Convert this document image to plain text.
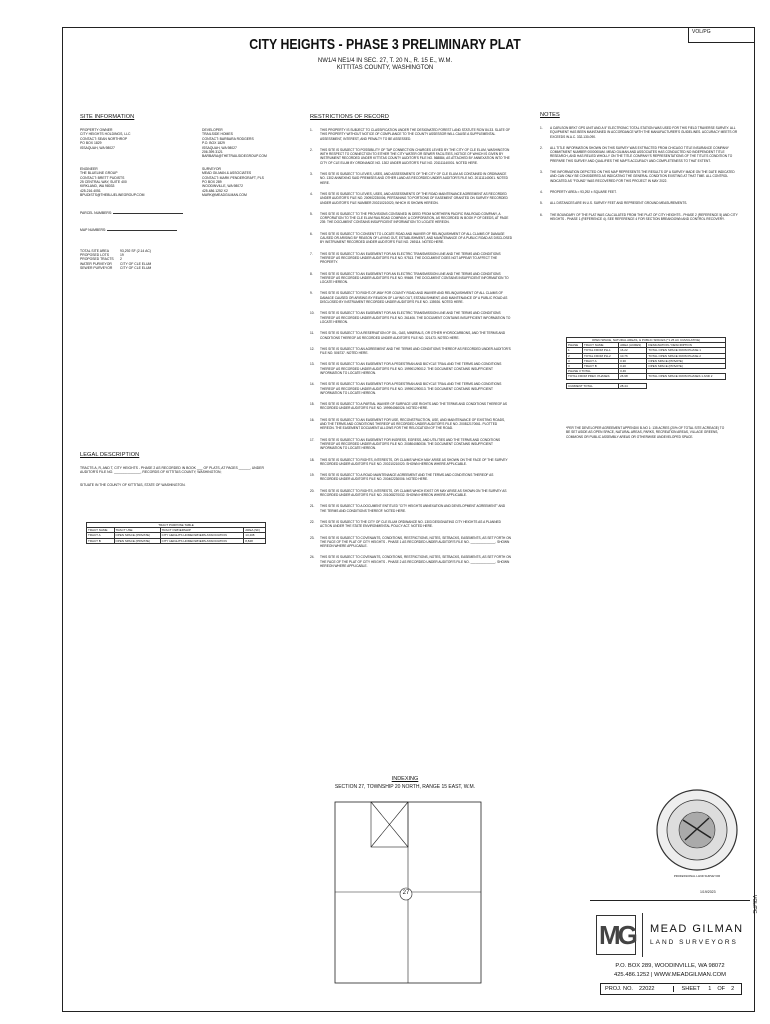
VOL/PG
VOL/PG
CITY HEIGHTS - PHASE 3 PRELIMINARY PLAT
NW1/4 NE1/4 IN SEC. 27, T. 20 N., R. 15 E., W.M.
KITTITAS COUNTY, WASHINGTON
SITE INFORMATION
PROPERTY OWNER
CITY HEIGHTS HOLDINGS, LLC
CONTACT: SEAN NORTHROP
PO BOX 1829
ISSAQUAH, WA 98027
DEVELOPER
TRAILSIDE HOMES
CONTACT: BARBARA RODGERS
P.O. BOX 1829
ISSAQUAH, WA 98027
206.399.3121
BARBARA@THETRAILSIDEGROUP.COM
ENGINEER
THE BLUELINE GROUP
CONTACT: BRETT PUDISTS
25 CENTRAL WAY, SUITE 400
KIRKLAND, WA 98033
425.216.4051
BPUDISTS@THEBLUELINEGROUP.COM
SURVEYOR
MEAD GILMAN & ASSOCIATES
CONTACT: MARK PENDERGRAFT, PLS
PO BOX 289
WOODINVILLE, WA 98072
425.486.1252 X2
MARK@MEADGILMAN.COM
PARCEL NUMBERS:
MAP NUMBERS:
TOTAL SITE AREA	93,292 SF (2.14 AC)
PROPOSED LOTS	19
PROPOSED TRACTS	2
WATER PURVEYOR	CITY OF CLE ELUM
SEWER PURVEYOR	CITY OF CLE ELUM
LEGAL DESCRIPTION
TRACTS A, R, AND T, CITY HEIGHTS - PHASE 2 AS RECORDED IN BOOK ___ OF PLATS, AT PAGES ______, UNDER AUDITOR'S FILE NO. ______________, RECORDS OF KITTITAS COUNTY, WASHINGTON;
SITUATE IN THE COUNTY OF KITTITAS, STATE OF WASHINGTON.
TRACT PURPOSE TABLE			
TRACT NAME	TRACT USE	TRACT OWNERSHIP	AREA (SF)
TRACT A	OPEN SPACE (PRIVATE)	CITY HEIGHTS HOMEOWNERS ASSOCIATION	13,408
TRACT B	OPEN SPACE (PRIVATE)	CITY HEIGHTS HOMEOWNERS ASSOCIATION	8,848
RESTRICTIONS OF RECORD
1.	THIS PROPERTY IS SUBJECT TO CLASSIFICATION UNDER THE DESIGNATED FOREST LAND STATUTE RCW 84.33. SLATE OF THIS PROPERTY WITHOUT NOTICE OF COMPLIANCE TO THE COUNTY ASSESSOR WILL CAUSE A SUPPLEMENTAL ASSESSMENT, INTEREST, AND PENALTY TO BE ASSESSED.
2.	THIS SITE IS SUBJECT TO POSSIBILITY OF TAP CONNECTION CHARGES LEVIED BY THE CITY OF CLE ELUM, WASHINGTON WITH RESPECT TO CONNECTION TO EITHER THE CITY WATER OR SEWER FACILITIES, NOTICE OF WHICH IS GIVEN BY INSTRUMENT RECORDED UNDER KITTITAS COUNTY AUDITOR'S FILE NO. 568884, AS ATTACHED BY ANNEXATION INTO THE CITY OF CLE ELUM BY ORDINANCE NO. 1302 UNDER AUDITOR'S FILE NO. 201111140001. NOTED HERE.
3.	THIS SITE IS SUBJECT TO LEVIES, USES, AND ASSESSMENTS OF THE CITY OF CLE ELUM AS CONTAINED IN ORDINANCE NO. 1302 ANNEXING SAID PREMISES AND OTHER LAND AS RECORDED UNDER AUDITOR'S FILE NO. 201111140001. NOTED HERE.
4.	THIS SITE IS SUBJECT TO LEVIES, USES, AND ASSESSMENTS OF THE ROAD MAINTENANCE AGREEMENT AS RECORDED UNDER AUDITOR'S FILE NO. 200902230006, PERTAINING TO PORTIONS OF EASEMENT GRANTED ON SURVEY RECORDED UNDER AUDITOR'S FILE NUMBER 200210210020, WHICH IS SHOWN HEREON.
5.	THIS SITE IS SUBJECT TO THE PROVISIONS CONTAINED IN DEED FROM NORTHERN PACIFIC RAILROAD COMPANY, A CORPORATION TO THE CLE ELUM RAILROAD COMPANY, A CORPORATION, AS RECORDED IN BOOK P OF DEEDS, AT PAGE 239. THE DOCUMENT CONTAINS INSUFFICIENT INFORMATION TO LOCATE HEREON.
6.	THIS SITE IS SUBJECT TO CONSENT TO LOCATE ROAD AND WAIVER OF RELINQUISHMENT OF ALL CLAIMS OF DAMAGE CAUSED OR ARISING BY REASON OF LAYING OUT, ESTABLISHMENT, AND MAINTENANCE OF A PUBLIC ROAD AS DISCLOSED BY INSTRUMENT RECORDED UNDER AUDITOR'S FILE NO. 269114. NOTED HERE.
7.	THIS SITE IS SUBJECT TO AN EASEMENT FOR AN ELECTRIC TRANSMISSION LINE AND THE TERMS AND CONDITIONS THEREOF AS RECORDED UNDER AUDITOR'S FILE NO. 97513. THE DOCUMENT DOES NOT APPEAR TO AFFECT THE PROPERTY.
8.	THIS SITE IS SUBJECT TO AN EASEMENT FOR AN ELECTRIC TRANSMISSION LINE AND THE TERMS AND CONDITIONS THEREOF AS RECORDED UNDER AUDITOR'S FILE NO. 99669. THE DOCUMENT CONTAINS INSUFFICIENT INFORMATION TO LOCATE HEREON.
9.	THIS SITE IS SUBJECT TO RIGHT-OF-WAY FOR COUNTY ROAD AND WAIVER AND RELINQUISHMENT OF ALL CLAIMS OF DAMAGE CAUSED OR ARISING BY REASON OF LAYING OUT, ESTABLISHMENT, AND MAINTENANCE OF A PUBLIC ROAD AS DISCLOSED BY INSTRUMENT RECORDED UNDER AUDITOR'S FILE NO. 135926. NOTED HERE.
10. THIS SITE IS SUBJECT TO AN EASEMENT FOR AN ELECTRIC TRANSMISSION LINE AND THE TERMS AND CONDITIONS THEREOF AS RECORDED UNDER AUDITOR'S FILE NO. 261406. THE DOCUMENT CONTAINS INSUFFICIENT INFORMATION TO LOCATE HEREON.
11. THIS SITE IS SUBJECT TO A RESERVATION OF OIL, GAS, MINERALS, OR OTHER HYDROCARBONS, AND THE TERMS AND CONDITIONS THEREOF AS RECORDED UNDER AUDITOR'S FILE NO. 321473. NOTED HERE.
12. THIS SITE IS SUBJECT TO AN AGREEMENT AND THE TERMS AND CONDITIONS THEREOF AS RECORDED UNDER AUDITOR'S FILE NO. 506737. NOTED HERE.
13. THIS SITE IS SUBJECT TO AN EASEMENT FOR A PEDESTRIAN AND BICYCLE TRAIL AND THE TERMS AND CONDITIONS THEREOF AS RECORDED UNDER AUDITOR'S FILE NO. 199901290012. THE DOCUMENT CONTAINS INSUFFICIENT INFORMATION TO LOCATE HEREON.
14. THIS SITE IS SUBJECT TO AN EASEMENT FOR A PEDESTRIAN AND BICYCLE TRAIL AND THE TERMS AND CONDITIONS THEREOF AS RECORDED UNDER AUDITOR'S FILE NO. 199901290013. THE DOCUMENT CONTAINS INSUFFICIENT INFORMATION TO LOCATE HEREON.
15. THIS SITE IS SUBJECT TO A PARTIAL WAIVER OF SURFACE USE RIGHTS AND THE TERMS AND CONDITIONS THEREOF AS RECORDED UNDER AUDITOR'S FILE NO. 199904060026. NOTED HERE.
16. THIS SITE IS SUBJECT TO AN EASEMENT FOR USE, RECONSTRUCTION, USE, AND MAINTENANCE OF EXISTING ROADS, AND THE TERMS AND CONDITIONS THEREOF AS RECORDED UNDER AUDITOR'S FILE NO. 200812170061. PLOTTED HEREON. THE EASEMENT DOCUMENT ALLOWS FOR THE RELOCATION OF THE ROAD.
17. THIS SITE IS SUBJECT TO AN EASEMENT FOR INGRESS, EGRESS, AND UTILITIES AND THE TERMS AND CONDITIONS THEREOF AS RECORDED UNDER AUDITOR'S FILE NO. 200804080036. THE DOCUMENT CONTAINS INSUFFICIENT INFORMATION TO LOCATE HEREON.
18. THIS SITE IS SUBJECT TO RIGHTS, INTERESTS, OR CLAIMS WHICH MAY ARISE AS SHOWN ON THE FACE OF THE SURVEY RECORDED UNDER AUDITOR'S FILE NO. 200210210020. SHOWN HEREON WHERE APPLICABLE.
19. THIS SITE IS SUBJECT TO A ROAD MAINTENANCE AGREEMENT AND THE TERMS AND CONDITIONS THEREOF AS RECORDED UNDER AUDITOR'S FILE NO. 200402230006. NOTED HERE.
20. THIS SITE IS SUBJECT TO RIGHTS, INTERESTS, OR CLAIMS WHICH EXIST OR MAY ARISE AS SHOWN ON THE SURVEY AS RECORDED UNDER AUDITOR'S FILE NO. 201008270032. SHOWN HEREON WHERE APPLICABLE.
21. THIS SITE IS SUBJECT TO A DOCUMENT ENTITLED "CITY HEIGHTS ANNEXATION AND DEVELOPMENT AGREEMENT" AND THE TERMS AND CONDITIONS THEREOF. NOTED HERE.
22. THIS SITE IS SUBJECT TO THE CITY OF CLE ELUM ORDINANCE NO. 1303 DESIGNATING CITY HEIGHTS AS A PLANNED ACTION UNDER THE STATE ENVIRONMENTAL POLICY ACT. NOTED HERE.
23. THIS SITE IS SUBJECT TO COVENANTS, CONDITIONS, RESTRICTIONS, NOTES, SETBACKS, EASEMENTS, AS SET FORTH ON THE FACE OF THE PLAT OF CITY HEIGHTS - PHASE 1 AS RECORDED UNDER AUDITOR'S FILE NO. ______________. SHOWN HEREON WHERE APPLICABLE.
24. THIS SITE IS SUBJECT TO COVENANTS, CONDITIONS, RESTRICTIONS, NOTES, SETBACKS, EASEMENTS, AS SET FORTH ON THE FACE OF THE PLAT OF CITY HEIGHTS - PHASE 2 AS RECORDED UNDER AUDITOR'S FILE NO. ______________. SHOWN HEREON WHERE APPLICABLE.
NOTES
1.	A CARLSON BRX7 GPS UNIT AND A 5" ELECTRONIC TOTAL STATION WAS USED FOR THIS FIELD TRAVERSE SURVEY. ALL EQUIPMENT HAS BEEN MAINTAINED IN ACCORDANCE WITH THE MANUFACTURER'S GUIDELINES. ACCURACY MEETS OR EXCEEDS W.A.C. 332-130-090.
2.	ALL TITLE INFORMATION SHOWN ON THIS SURVEY WAS EXTRACTED FROM CHICAGO TITLE INSURANCE COMPANY COMMITMENT NUMBER 0000000AM. MEAD GILMAN AND ASSOCIATES HAS CONDUCTED NO INDEPENDENT TITLE RESEARCH, AND HAS RELIED WHOLLY ON THE TITLE COMPANY'S REPRESENTATIONS OF THE TITLE'S CONDITION TO PREPARE THIS SURVEY AND QUALIFIES THE MAP'S ACCURACY AND COMPLETENESS TO THAT EXTENT.
3.	THE INFORMATION DEPICTED ON THIS MAP REPRESENTS THE RESULTS OF A SURVEY MADE ON THE DATE INDICATED AND CAN ONLY BE CONSIDERED AS INDICATING THE GENERAL CONDITION EXISTING AT THAT TIME. ALL CONTROL INDICATED AS "FOUND" WAS RECOVERED FOR THIS PROJECT IN MAY 2022.
4.	PROPERTY AREA = 93,292 ± SQUARE FEET.
5.	ALL DISTANCES ARE IN U.S. SURVEY FEET AND REPRESENT GROUND MEASUREMENTS.
6.	THE BOUNDARY OF THE PLAT WAS CALCULATED FROM THE PLAT OF CITY HEIGHTS - PHASE 2 (REFERENCE 5) AND CITY HEIGHTS - PHASE 1 (REFERENCE 4). SEE REFERENCE 4 FOR SECTION BREAKDOWN AND CONTROL RECOVERY.
OPEN SPACE, NATURAL AREAS, & PUBLIC SPACES (*1.25 AC CUMULATIVE)			
PHASE	TRACT NAME	AREA (ACRES)	DESIGNATION / DESCRIPTION
1	TOTAL FROM PH-1	16.22	TOTAL OPEN SPACE FROM PHASE 1
2	TOTAL FROM PH-2	10.76	TOTAL OPEN SPACE FROM PHASE 2
3	TRACT A	0.30	OPEN SPACE (PRIVATE)
3	TRACT B	0.20	OPEN SPACE (PRIVATE)
PHASE 3 TOTAL		0.46	
TOTAL FROM PREV. PHASES		26.98	TOTAL OPEN SPACE FROM PHASES 1 AND 2

CURRENT TOTAL		28.44	
*PER THE DEVELOPER AGREEMENT APPENDIX B-NO 1: 135 ACRES (20% OF TOTAL SITE ACREAGE) TO BE SET ASIDE AS OPEN SPACE, NATURAL AREAS, PARKS, RECREATION AREAS, VILLAGE GREENS, COMMONS OR PUBLIC ASSEMBLY AREAS OR OTHERWISE UNDEVELOPED SPACE.
INDEXING
SECTION 27, TOWNSHIP 20 NORTH, RANGE 15 EAST, W.M.
27
PROFESSIONAL LAND SURVEYOR
1/19/2023
MG MEAD GILMAN
LAND SURVEYORS
P.O. BOX 289, WOODINVILLE, WA 98072
425.486.1252 | WWW.MEADGILMAN.COM
PROJ. NO. 22022	SHEET 1 OF 2
